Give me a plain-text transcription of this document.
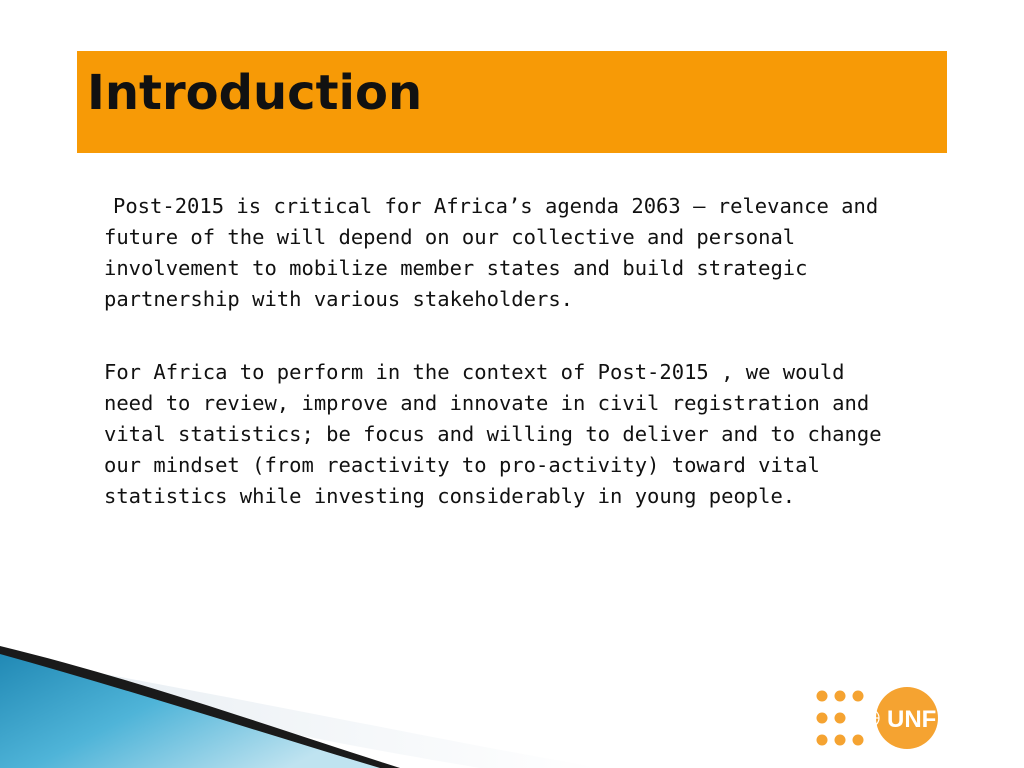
Introduction

Post-2015 is critical for Africa’s agenda 2063 – relevance and future of the will depend on our collective and personal involvement to mobilize member states and build strategic partnership with various stakeholders.

For Africa to perform in the context of Post-2015 , we would need to review, improve and innovate in civil registration and vital statistics; be focus and willing to deliver and to change our mindset (from reactivity to pro-activity) toward vital statistics while investing considerably in young people.

UNFPA
